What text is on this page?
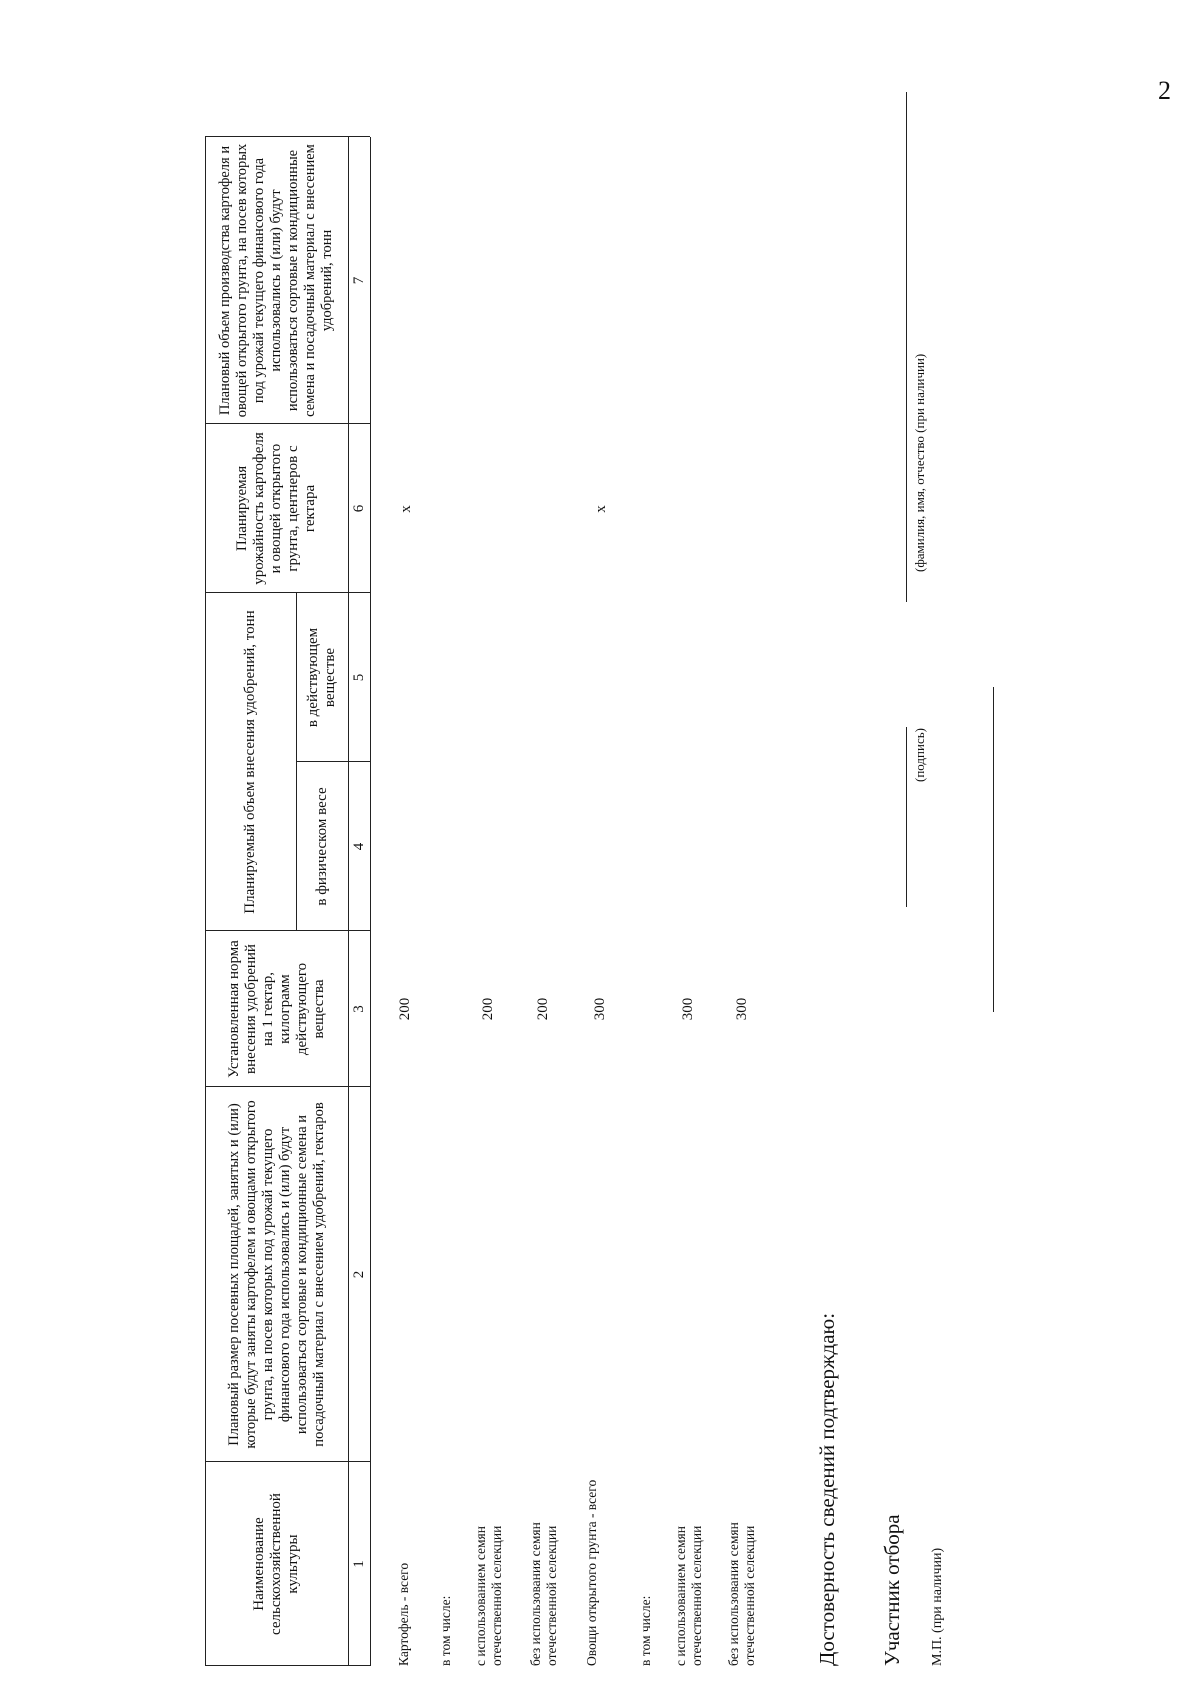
2
Наименование сельскохозяйственной культуры
Плановый размер посевных площадей, занятых и (или) которые будут заняты картофелем и овощами открытого грунта, на посев которых под урожай текущего финансового года использовались и (или) будут использоваться сортовые и кондиционные семена и посадочный материал с внесением удобрений, гектаров
Установленная норма внесения удобрений на 1 гектар, килограмм действующего вещества
Планируемый объем внесения удобрений, тонн	в физическом весе
в действующем веществе
Планируемая урожайность картофеля и овощей открытого грунта, центнеров с гектара
Плановый объем производства картофеля и овощей открытого грунта, на посев которых под урожай текущего финансового года использовались и (или) будут использоваться сортовые и кондиционные семена и посадочный материал с внесением удобрений, тонн
1
2
3
4
5
6
7
Картофель - всего
200
x
в том числе: с использованием семян отечественной селекции
200
без использования семян отечественной селекции
200
Овощи открытого грунта - всего
300
x
в том числе: с использованием семян отечественной селекции
300
без использования семян отечественной селекции
300
Достоверность сведений подтверждаю: Участник отбора М.П. (при наличии)
(подпись)
(фамилия, имя, отчество (при наличии)
